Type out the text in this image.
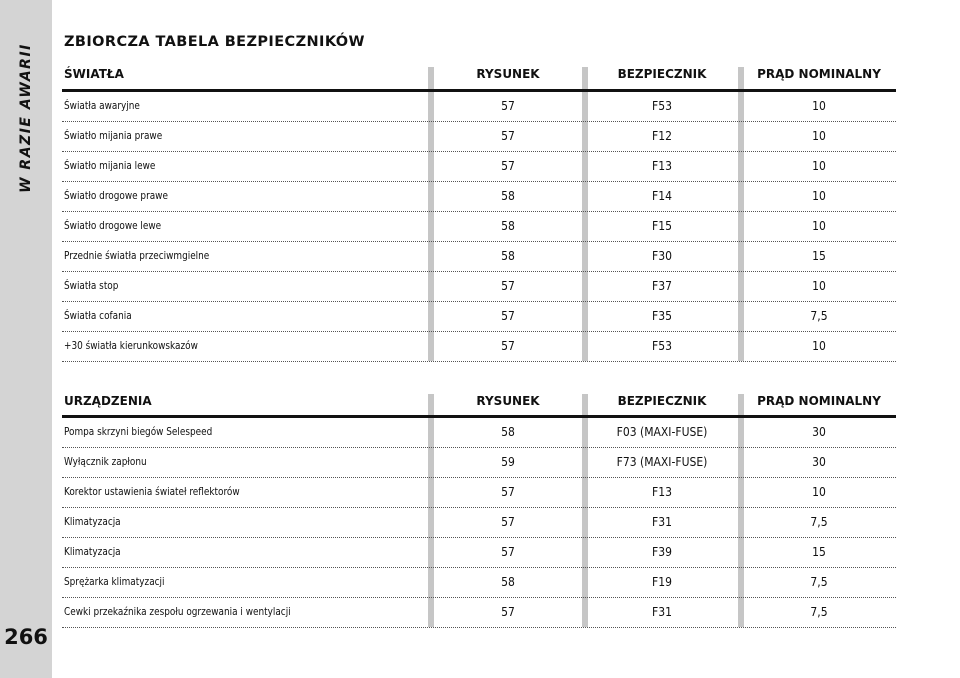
W RAZIE AWARII
266
ZBIORCZA TABELA BEZPIECZNIKÓW
ŚWIATŁA	RYSUNEK	BEZPIECZNIK	PRĄD NOMINALNY
Światła awaryjne	57	F53	10
Światło mijania prawe	57	F12	10
Światło mijania lewe	57	F13	10
Światło drogowe prawe	58	F14	10
Światło drogowe lewe	58	F15	10
Przednie światła przeciwmgielne	58	F30	15
Światła stop	57	F37	10
Światła cofania	57	F35	7,5
+30 światła kierunkowskazów	57	F53	10
URZĄDZENIA	RYSUNEK	BEZPIECZNIK	PRĄD NOMINALNY
Pompa skrzyni biegów Selespeed	58	F03 (MAXI-FUSE)	30
Wyłącznik zapłonu	59	F73 (MAXI-FUSE)	30
Korektor ustawienia świateł reflektorów	57	F13	10
Klimatyzacja	57	F31	7,5
Klimatyzacja	57	F39	15
Sprężarka klimatyzacji	58	F19	7,5
Cewki przekaźnika zespołu ogrzewania i wentylacji	57	F31	7,5
